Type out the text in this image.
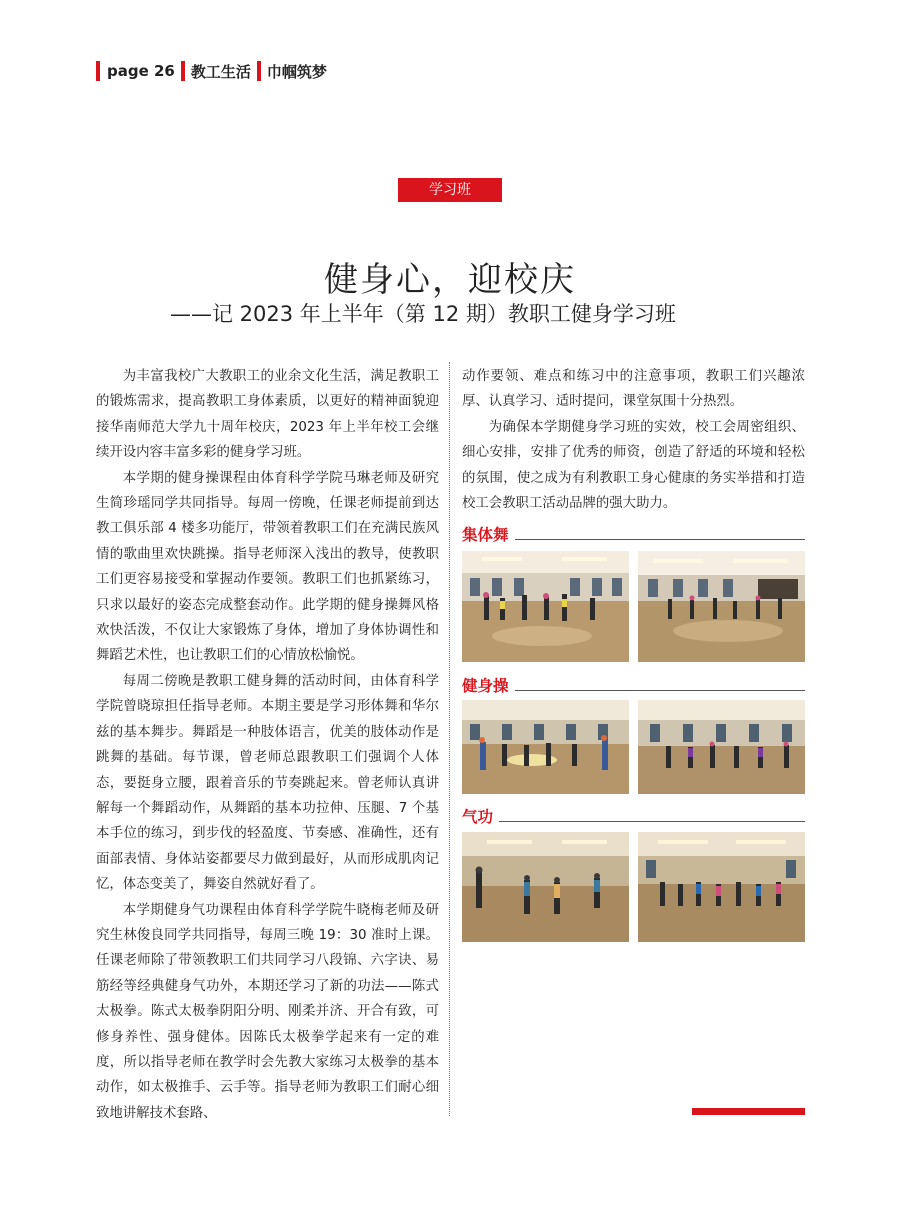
page 26 教工生活 巾帼筑梦
学习班
健身心，迎校庆
——记 2023 年上半年（第 12 期）教职工健身学习班

为丰富我校广大教职工的业余文化生活，满足教职工的锻炼需求，提高教职工身体素质，以更好的精神面貌迎接华南师范大学九十周年校庆，2023 年上半年校工会继续开设内容丰富多彩的健身学习班。

本学期的健身操课程由体育科学学院马琳老师及研究生简珍瑶同学共同指导。每周一傍晚，任课老师提前到达教工俱乐部 4 楼多功能厅，带领着教职工们在充满民族风情的歌曲里欢快跳操。指导老师深入浅出的教导，使教职工们更容易接受和掌握动作要领。教职工们也抓紧练习，只求以最好的姿态完成整套动作。此学期的健身操舞风格欢快活泼，不仅让大家锻炼了身体，增加了身体协调性和舞蹈艺术性，也让教职工们的心情放松愉悦。

每周二傍晚是教职工健身舞的活动时间，由体育科学学院曾晓琼担任指导老师。本期主要是学习形体舞和华尔兹的基本舞步。舞蹈是一种肢体语言，优美的肢体动作是跳舞的基础。每节课，曾老师总跟教职工们强调个人体态，要挺身立腰，跟着音乐的节奏跳起来。曾老师认真讲解每一个舞蹈动作，从舞蹈的基本功拉伸、压腿、7 个基本手位的练习，到步伐的轻盈度、节奏感、准确性，还有面部表情、身体站姿都要尽力做到最好，从而形成肌肉记忆，体态变美了，舞姿自然就好看了。

本学期健身气功课程由体育科学学院牛晓梅老师及研究生林俊良同学共同指导，每周三晚 19：30 准时上课。任课老师除了带领教职工们共同学习八段锦、六字诀、易筋经等经典健身气功外，本期还学习了新的功法——陈式太极拳。陈式太极拳阴阳分明、刚柔并济、开合有致，可修身养性、强身健体。因陈氏太极拳学起来有一定的难度，所以指导老师在教学时会先教大家练习太极拳的基本动作，如太极推手、云手等。指导老师为教职工们耐心细致地讲解技术套路、

动作要领、难点和练习中的注意事项，教职工们兴趣浓厚、认真学习、适时提问，课堂氛围十分热烈。

为确保本学期健身学习班的实效，校工会周密组织、细心安排，安排了优秀的师资，创造了舒适的环境和轻松的氛围，使之成为有利教职工身心健康的务实举措和打造校工会教职工活动品牌的强大助力。

集体舞
健身操
气功
